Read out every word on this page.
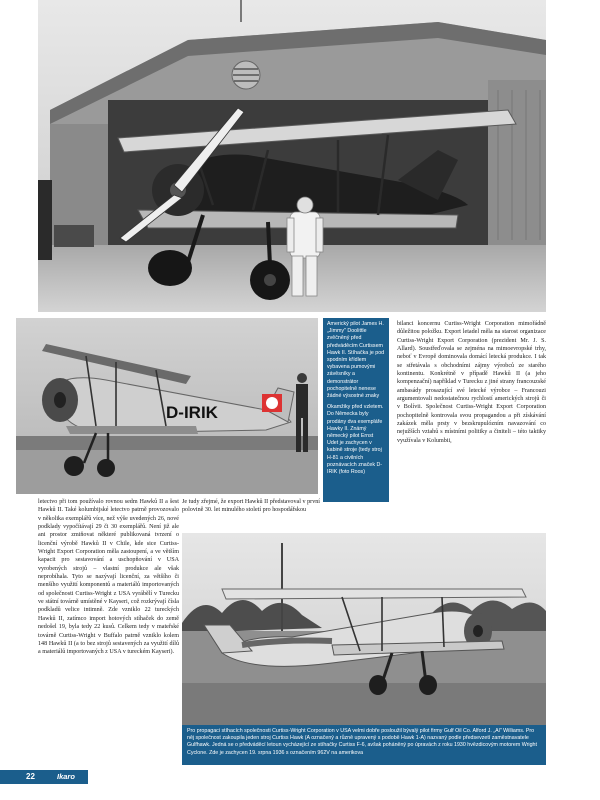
D-IRIK

Americký pilot James H. „Jimmy" Doolittle zvěčněný před předváděcím Curtissem Hawk II. Stíhačka je pod spodním křídlem vybavena pumovými závěsníky a demonstrátor pochopitelně nenese žádné výsostné znaky

Okamžiky před vzletem. Do Německa byly prodány dva exempláře Hawky II. Známý německý pilot Ernst Udet je zachycen v kabině stroje (tedy stroj H-81 a civilních poznávacích značek D-IRIK (foto Roos)

bilanci koncernu Curtiss-Wright Corporation mimořádně důležitou položku. Export letadel měla na starost organizace Curtiss-Wright Export Corporation (prezident Mr. J. S. Allard). Soustřeďovala se zejména na mimoevropské trhy, neboť v Evropě dominovala domácí letecká produkce. I tak se střetávala s obchodními zájmy výrobců ze starého kontinentu. Konkrétně v případě Hawků II (a jeho kompenzační) například v Turecku z jiné strany francouzské ambasády prosazující své letecké výrobce – Francouzi argumentovali nedostatečnou rychlostí amerických strojů či v Bolívii. Společnost Curtiss-Wright Export Corporation pochopitelně kontrovala svou propagandou a při získávání zakázek měla prsty v bezskrupulózním navazování co nejužších vztahů s místními politiky a činiteli – této taktiky využívala v Kolumbii,

letectvo při tom používalo rovnou sedm Hawků II a šest Hawků II. Také kolumbijské letectvo patrně provozovalo v několika exemplářů více, než výše uvedených 26, nové podklady vypočítávají 29 či 30 exemplářů. Není již ale ani prostor zmiňovat některé publikovaná tvrzení o licenční výrobě Hawků II v Chile, kde sice Curtiss-Wright Export Corporation měla zastoupení, a ve větším kapacit pro sestavování a uschopňování v USA vyrobených strojů – vlastní produkce ale však neprobíhala. Tyto se nazývají licenční, za většího či menšího využití komponentů a materiálů importovaných od společnosti Curtiss-Wright z USA vyrábělí v Turecku ve státní továrně umístěné v Kayseri, což rozkrývají čísla podkladů velice intimně. Zde vzniklo 22 tureckých Hawků II, zatímco import hotových stíhaček do země nedošel 19, byla tedy 22 kusů. Celkem tedy v mateřské továrně Curtiss-Wright v Buffalo patrně vzniklo kolem 148 Hawků II (a to bez strojů sestavených za využití dílů a materiálů importovaných z USA v tureckém Kayseri).

Je tudy zřejmé, že export Hawků II představoval v první polovině 30. let minulého století pro hospodářskou

Pro propagaci stíhacích společnosti Curtiss-Wright Corporation v USA velmi dobře posloužil bývalý pilot firmy Gulf Oil Co. Alford J. „Al" Williams. Pro něj společnost zakoupila jeden stroj Curtiss Hawk (A označený a různě upravený s podobě Hawk 1-A) nazvaný podle předsevzetí zaměstnavatele Gulfhawk. Jedná se o předváděcí letoun vycházející ze stíhačky Curtiss F-6, avšak poháněný po úpravách z roku 1930 hvězdicovým motorem Wright Cyclone. Zde je zachycen 19. srpna 1936 s označením 962V na amerikova

22	Ikaro
